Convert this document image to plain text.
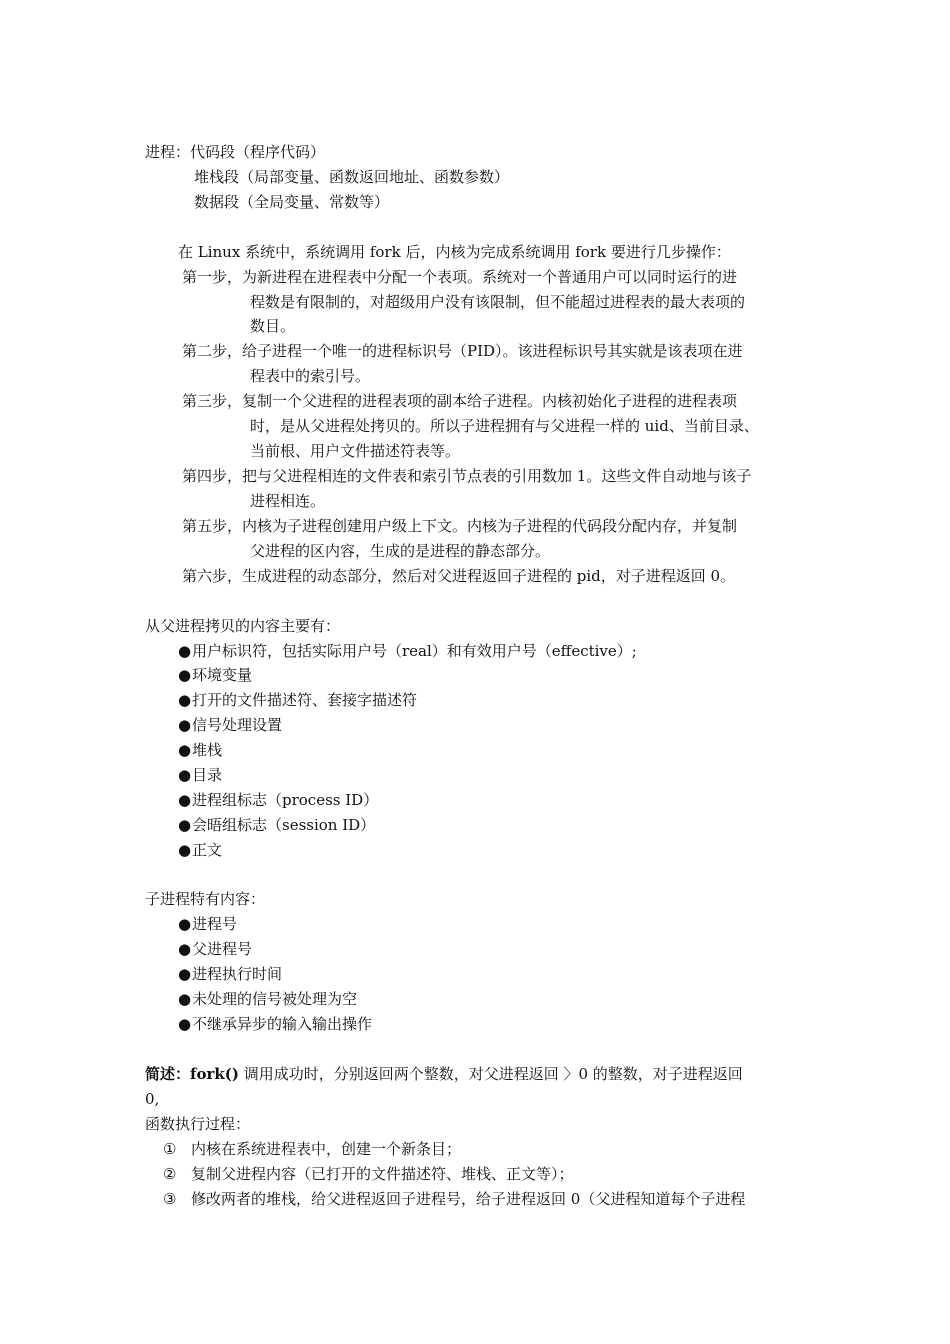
进程：代码段（程序代码）
堆栈段（局部变量、函数返回地址、函数参数）
数据段（全局变量、常数等）
在 Linux 系统中，系统调用 fork 后，内核为完成系统调用 fork 要进行几步操作：
第一步，为新进程在进程表中分配一个表项。系统对一个普通用户可以同时运行的进
程数是有限制的，对超级用户没有该限制，但不能超过进程表的最大表项的
数目。
第二步，给子进程一个唯一的进程标识号（PID）。该进程标识号其实就是该表项在进
程表中的索引号。
第三步，复制一个父进程的进程表项的副本给子进程。内核初始化子进程的进程表项
时，是从父进程处拷贝的。所以子进程拥有与父进程一样的 uid、当前目录、
当前根、用户文件描述符表等。
第四步，把与父进程相连的文件表和索引节点表的引用数加 1。这些文件自动地与该子
进程相连。
第五步，内核为子进程创建用户级上下文。内核为子进程的代码段分配内存，并复制
父进程的区内容，生成的是进程的静态部分。
第六步，生成进程的动态部分，然后对父进程返回子进程的 pid，对子进程返回 0。
从父进程拷贝的内容主要有：
●用户标识符，包括实际用户号（real）和有效用户号（effective）;
●环境变量
●打开的文件描述符、套接字描述符
●信号处理设置
●堆栈
●目录
●进程组标志（process ID）
●会晤组标志（session ID）
●正文
子进程特有内容：
●进程号
●父进程号
●进程执行时间
●未处理的信号被处理为空
●不继承异步的输入输出操作
简述：fork() 调用成功时，分别返回两个整数，对父进程返回 〉0 的整数，对子进程返回
0,
函数执行过程：
① 内核在系统进程表中，创建一个新条目；
② 复制父进程内容（已打开的文件描述符、堆栈、正文等）；
③ 修改两者的堆栈，给父进程返回子进程号，给子进程返回 0（父进程知道每个子进程
